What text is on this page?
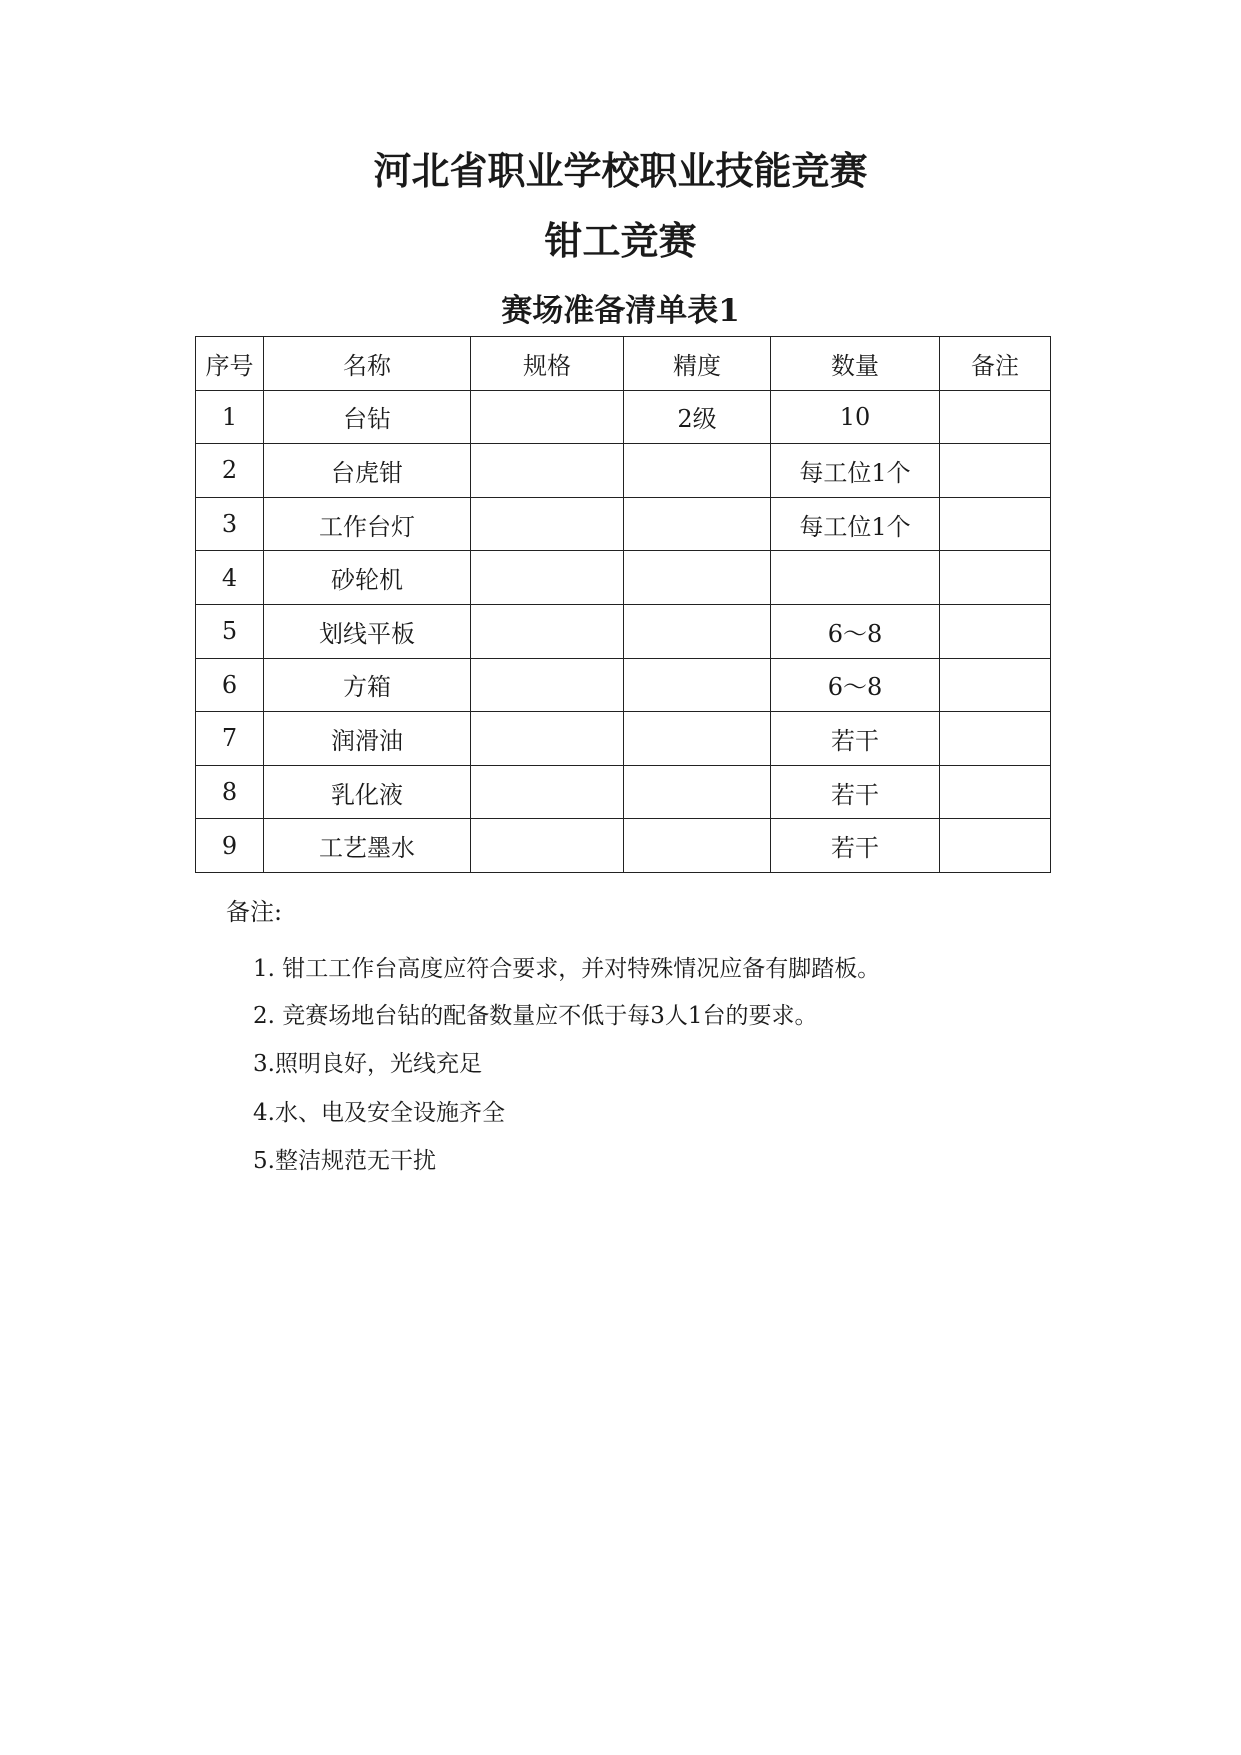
河北省职业学校职业技能竞赛
钳工竞赛
赛场准备清单表1
序号	名称	规格	精度	数量	备注
1	台钻		2级	10	
2	台虎钳			每工位1个	
3	工作台灯			每工位1个	
4	砂轮机				
5	划线平板			6～8	
6	方箱			6～8	
7	润滑油			若干	
8	乳化液			若干	
9	工艺墨水			若干	
备注:
1. 钳工工作台高度应符合要求，并对特殊情况应备有脚踏板。
2. 竞赛场地台钻的配备数量应不低于每3人1台的要求。
3.照明良好，光线充足
4.水、电及安全设施齐全
5.整洁规范无干扰
